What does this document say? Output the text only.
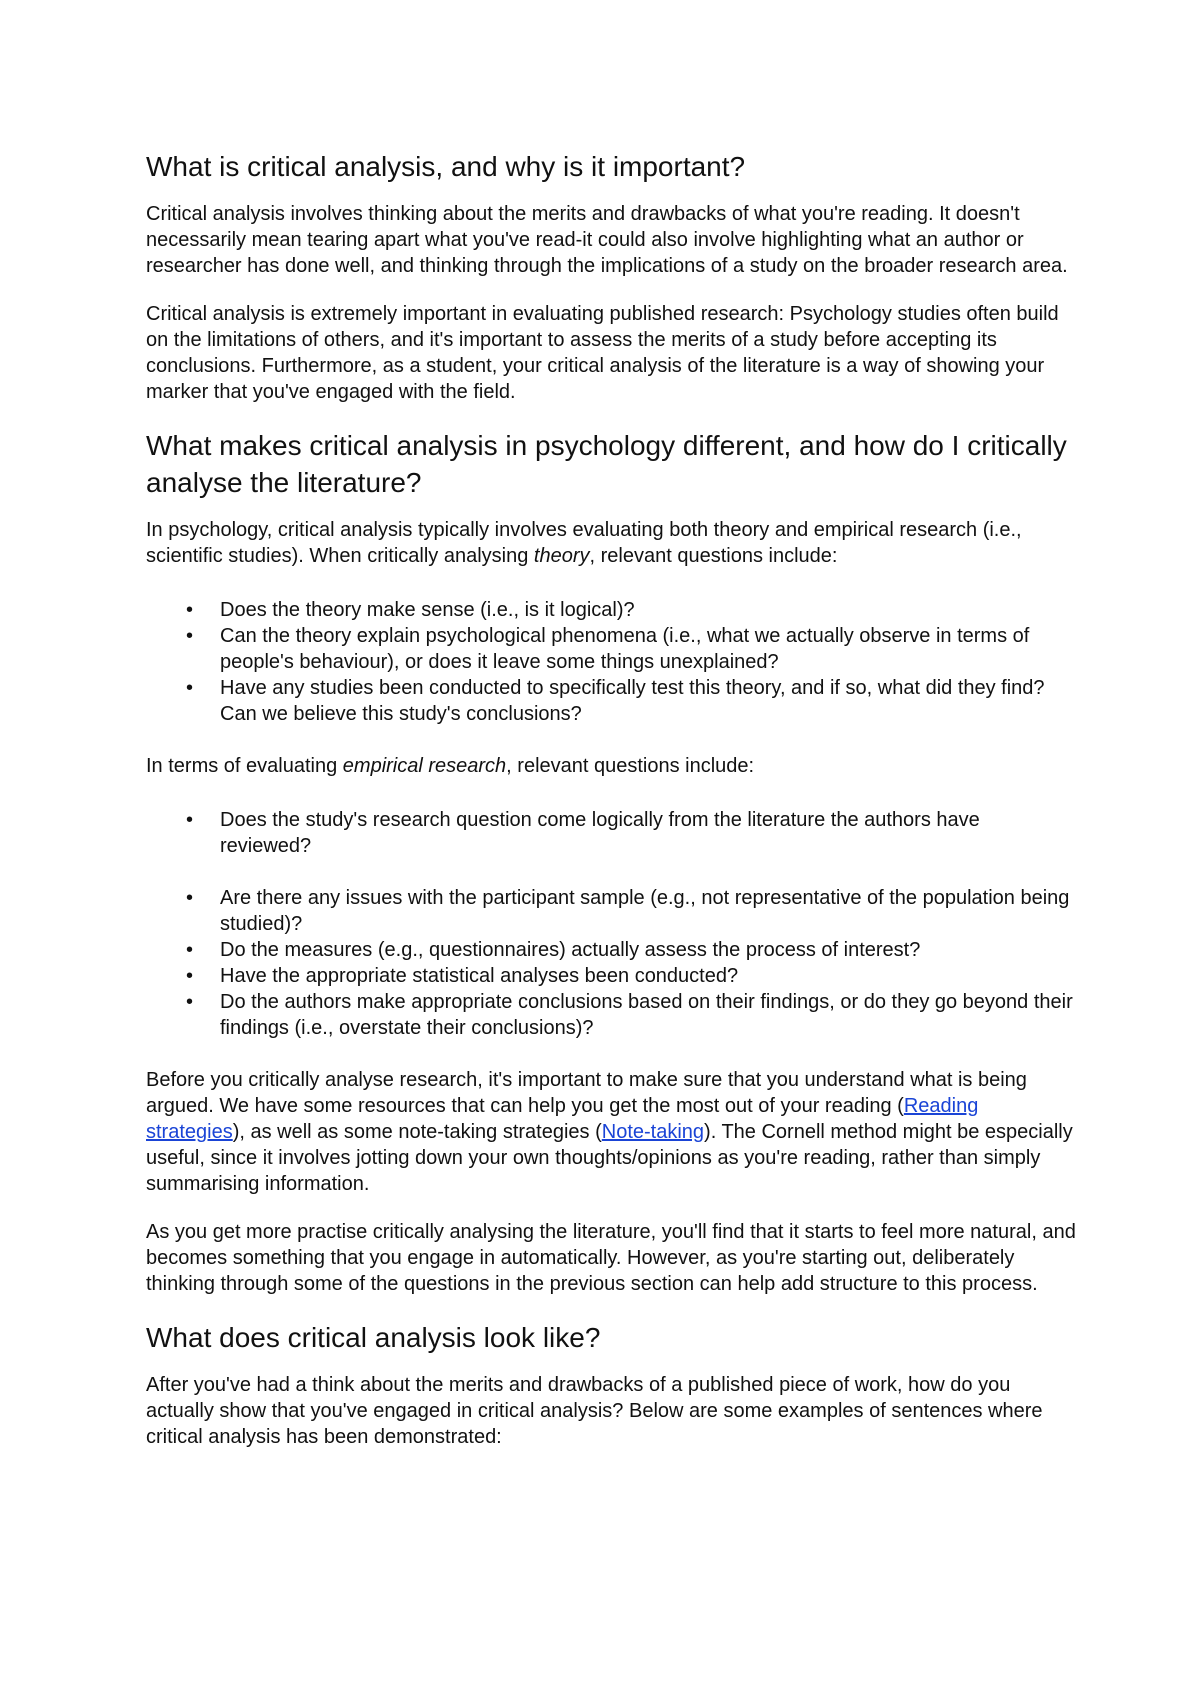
What is critical analysis, and why is it important?

Critical analysis involves thinking about the merits and drawbacks of what you're reading. It doesn't necessarily mean tearing apart what you've read-it could also involve highlighting what an author or researcher has done well, and thinking through the implications of a study on the broader research area.

Critical analysis is extremely important in evaluating published research: Psychology studies often build on the limitations of others, and it's important to assess the merits of a study before accepting its conclusions. Furthermore, as a student, your critical analysis of the literature is a way of showing your marker that you've engaged with the field.

What makes critical analysis in psychology different, and how do I critically analyse the literature?

In psychology, critical analysis typically involves evaluating both theory and empirical research (i.e., scientific studies). When critically analysing theory, relevant questions include:

• Does the theory make sense (i.e., is it logical)?
• Can the theory explain psychological phenomena (i.e., what we actually observe in terms of people's behaviour), or does it leave some things unexplained?
• Have any studies been conducted to specifically test this theory, and if so, what did they find? Can we believe this study's conclusions?

In terms of evaluating empirical research, relevant questions include:

• Does the study's research question come logically from the literature the authors have reviewed?
• Are there any issues with the participant sample (e.g., not representative of the population being studied)?
• Do the measures (e.g., questionnaires) actually assess the process of interest?
• Have the appropriate statistical analyses been conducted?
• Do the authors make appropriate conclusions based on their findings, or do they go beyond their findings (i.e., overstate their conclusions)?

Before you critically analyse research, it's important to make sure that you understand what is being argued. We have some resources that can help you get the most out of your reading (Reading strategies), as well as some note-taking strategies (Note-taking). The Cornell method might be especially useful, since it involves jotting down your own thoughts/opinions as you're reading, rather than simply summarising information.

As you get more practise critically analysing the literature, you'll find that it starts to feel more natural, and becomes something that you engage in automatically. However, as you're starting out, deliberately thinking through some of the questions in the previous section can help add structure to this process.

What does critical analysis look like?

After you've had a think about the merits and drawbacks of a published piece of work, how do you actually show that you've engaged in critical analysis? Below are some examples of sentences where critical analysis has been demonstrated:
